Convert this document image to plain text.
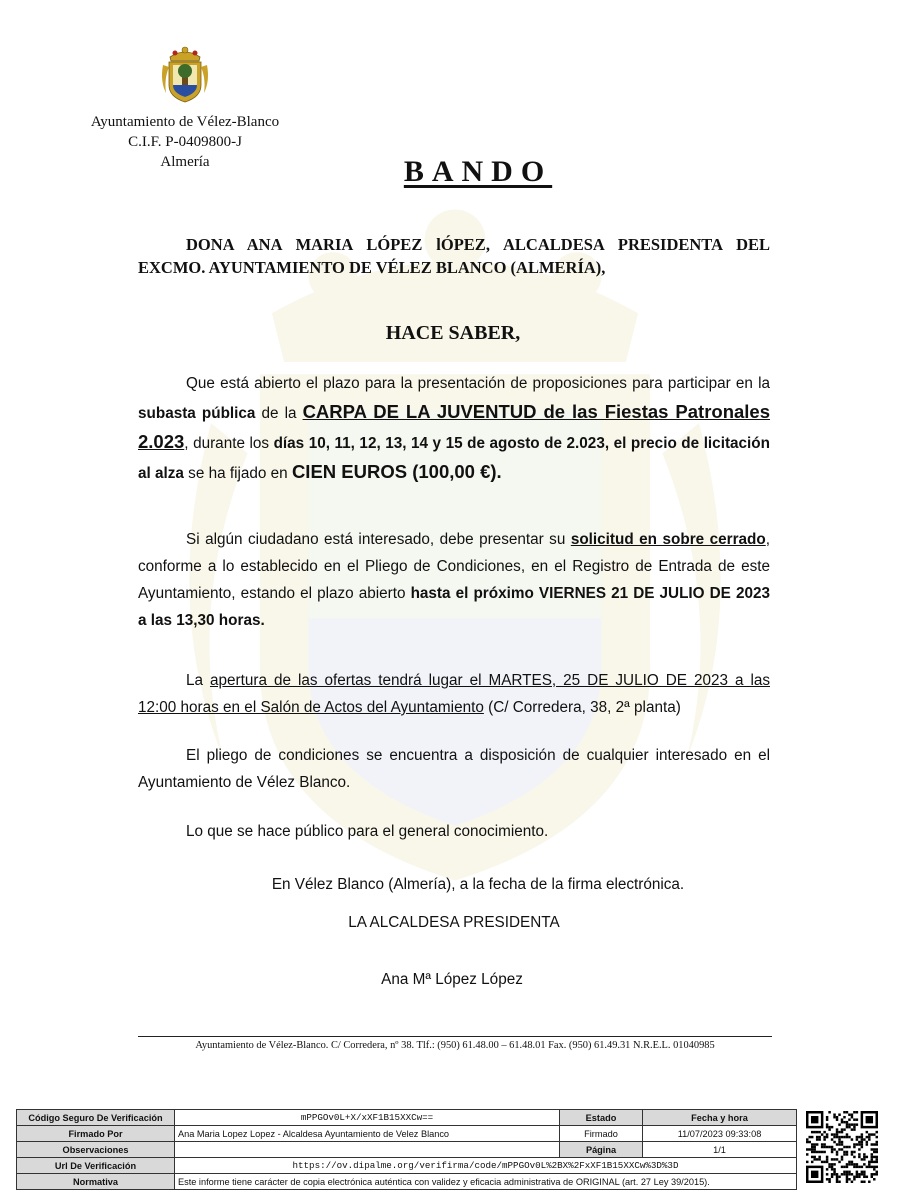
Ayuntamiento de Vélez-Blanco
C.I.F. P-0409800-J
Almería	BANDO
DONA ANA MARIA LÓPEZ lÓPEZ, ALCALDESA PRESIDENTA DEL EXCMO. AYUNTAMIENTO DE VÉLEZ BLANCO (ALMERÍA),
HACE SABER,
Que está abierto el plazo para la presentación de proposiciones para participar en la subasta pública de la CARPA DE LA JUVENTUD de las Fiestas Patronales 2.023, durante los días 10, 11, 12, 13, 14 y 15 de agosto de 2.023, el precio de licitación al alza se ha fijado en CIEN EUROS (100,00 €).
Si algún ciudadano está interesado, debe presentar su solicitud en sobre cerrado, conforme a lo establecido en el Pliego de Condiciones, en el Registro de Entrada de este Ayuntamiento, estando el plazo abierto hasta el próximo VIERNES 21 DE JULIO DE 2023 a las 13,30 horas.
La apertura de las ofertas tendrá lugar el MARTES, 25 DE JULIO DE 2023 a las 12:00 horas en el Salón de Actos del Ayuntamiento (C/ Corredera, 38, 2ª planta)
El pliego de condiciones se encuentra a disposición de cualquier interesado en el Ayuntamiento de Vélez Blanco.
Lo que se hace público para el general conocimiento.
En Vélez Blanco (Almería), a la fecha de la firma electrónica.
LA ALCALDESA PRESIDENTA
Ana Mª López López
Ayuntamiento de Vélez-Blanco. C/ Corredera, nº 38. Tlf.: (950) 61.48.00 – 61.48.01 Fax. (950) 61.49.31 N.R.E.L. 01040985
Código Seguro De Verificación	mPPGOv0L+X/xXF1B15XXCw==	Estado	Fecha y hora
Firmado Por	Ana Maria Lopez Lopez - Alcaldesa Ayuntamiento de Velez Blanco	Firmado	11/07/2023 09:33:08
Observaciones		Página	1/1
Url De Verificación	https://ov.dipalme.org/verifirma/code/mPPGOv0L%2BX%2FxXF1B15XXCw%3D%3D		
Normativa	Este informe tiene carácter de copia electrónica auténtica con validez y eficacia administrativa de ORIGINAL (art. 27 Ley 39/2015).		
